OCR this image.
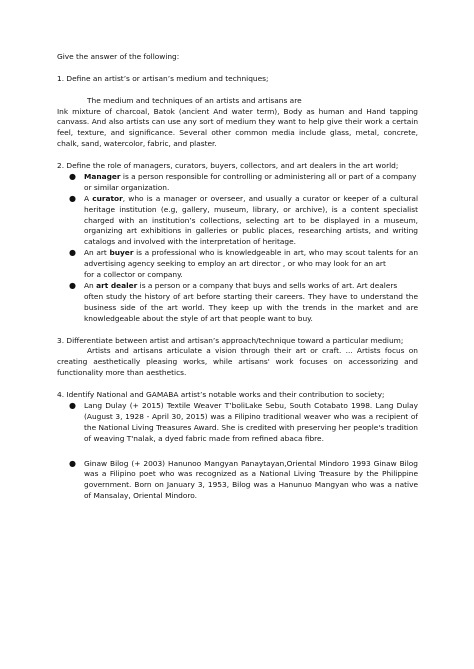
Give the answer of the following:

1. Define an artist’s or artisan’s medium and techniques;

The medium and techniques of an artists and artisans are

Ink mixture of charcoal, Batok (ancient And water term), Body as human and Hand tapping canvass. And also artists can use any sort of medium they want to help give their work a certain feel, texture, and significance. Several other common media include glass, metal, concrete, chalk, sand, watercolor, fabric, and plaster.

2. Define the role of managers, curators, buyers, collectors, and art dealers in the art world;

● Manager is a person responsible for controlling or administering all or part of a company or similar organization.
● A curator, who is a manager or overseer, and usually a curator or keeper of a cultural heritage institution (e.g, gallery, museum, library, or archive), is a content specialist charged with an institution’s collections, selecting art to be displayed in a museum, organizing art exhibitions in galleries or public places, researching artists, and writing catalogs and involved with the interpretation of heritage.
● An art buyer is a professional who is knowledgeable in art, who may scout talents for an advertising agency seeking to employ an art director , or who may look for an art
for a collector or company.
● An art dealer is a person or a company that buys and sells works of art. Art dealers
often study the history of art before starting their careers. They have to understand the business side of the art world. They keep up with the trends in the market and are knowledgeable about the style of art that people want to buy.

3. Differentiate between artist and artisan’s approach/technique toward a particular medium;

Artists and artisans articulate a vision through their art or craft. ... Artists focus on creating aesthetically pleasing works, while artisans' work focuses on accessorizing and functionality more than aesthetics.

4. Identify National and GAMABA artist’s notable works and their contribution to society;

● Lang Dulay (+ 2015) Textile Weaver T’boliLake Sebu, South Cotabato 1998. Lang Dulay (August 3, 1928 - April 30, 2015) was a Filipino traditional weaver who was a recipient of the National Living Treasures Award. She is credited with preserving her people's tradition of weaving T'nalak, a dyed fabric made from refined abaca fibre.
● Ginaw Bilog (+ 2003) Hanunoo Mangyan Panaytayan,Oriental Mindoro 1993 Ginaw Bilog was a Filipino poet who was recognized as a National Living Treasure by the Philippine government. Born on January 3, 1953, Bilog was a Hanunuo Mangyan who was a native of Mansalay, Oriental Mindoro.
